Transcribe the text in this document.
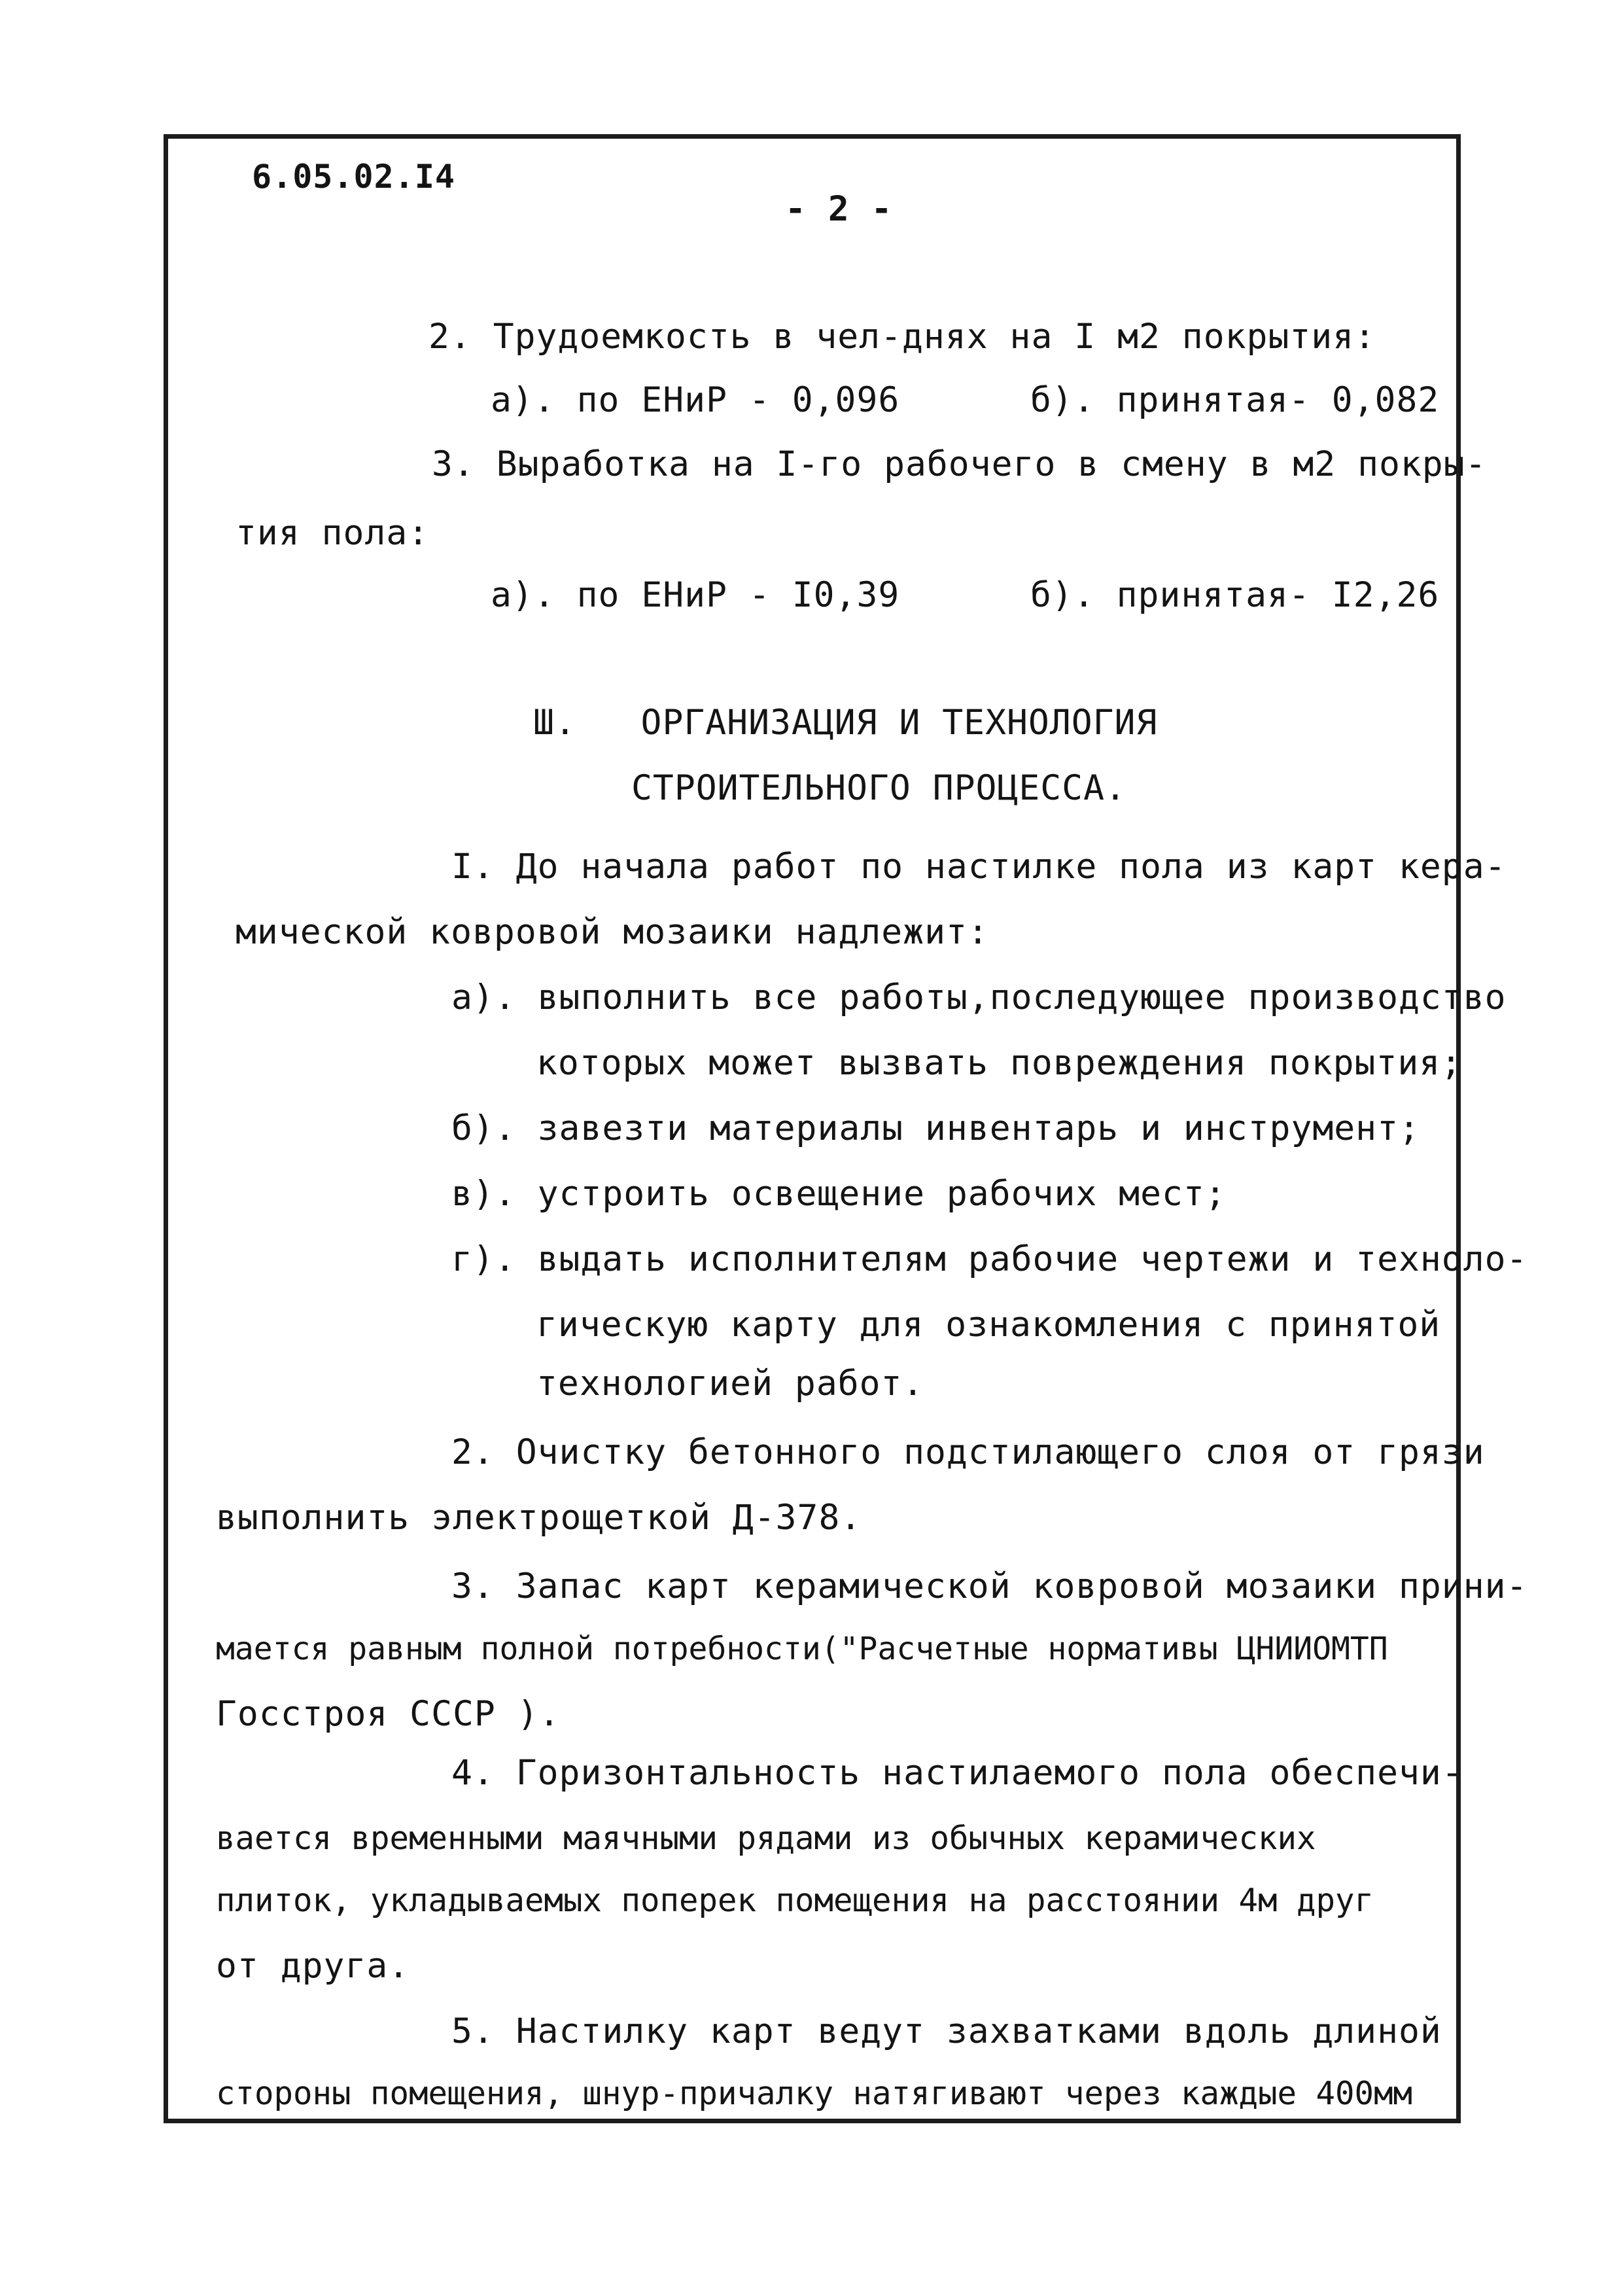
6.05.02.I4
- 2 -
2. Трудоемкость в чел-днях на I м2 покрытия:
а). по ЕНиР - 0,096	б). принятая- 0,082
3. Выработка на I-го рабочего в смену в м2 покры-
тия пола:
а). по ЕНиР - I0,39	б). принятая- I2,26
Ш.   ОРГАНИЗАЦИЯ И ТЕХНОЛОГИЯ
СТРОИТЕЛЬНОГО ПРОЦЕССА.
I. До начала работ по настилке пола из карт кера-
мической ковровой мозаики надлежит:
а). выполнить все работы,последующее производство
которых может вызвать повреждения покрытия;
б). завезти материалы инвентарь и инструмент;
в). устроить освещение рабочих мест;
г). выдать исполнителям рабочие чертежи и техноло-
гическую карту для ознакомления с принятой
технологией работ.
2. Очистку бетонного подстилающего слоя от грязи
выполнить электрощеткой Д-378.
3. Запас карт керамической ковровой мозаики прини-
мается равным полной потребности("Расчетные нормативы ЦНИИОМТП
Госстроя СССР ).
4. Горизонтальность настилаемого пола обеспечи-
вается временными маячными рядами из обычных керамических
плиток, укладываемых поперек помещения на расстоянии 4м друг
от друга.
5. Настилку карт ведут захватками вдоль длиной
стороны помещения, шнур-причалку натягивают через каждые 400мм
